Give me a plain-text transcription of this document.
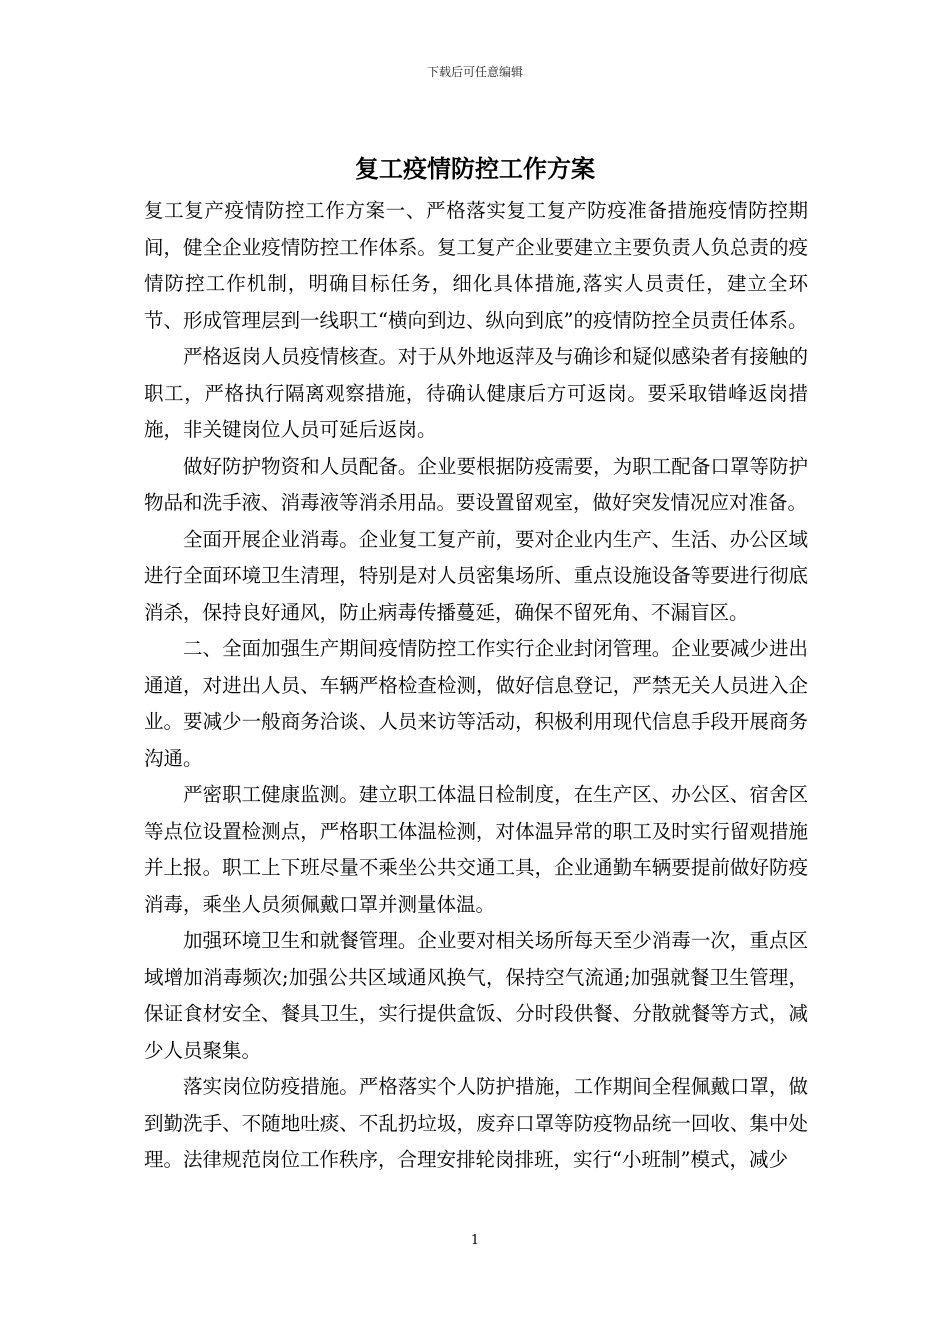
下载后可任意编辑
复工疫情防控工作方案

复工复产疫情防控工作方案一、严格落实复工复产防疫准备措施疫情防控期间，健全企业疫情防控工作体系。复工复产企业要建立主要负责人负总责的疫情防控工作机制，明确目标任务，细化具体措施,落实人员责任，建立全环节、形成管理层到一线职工“横向到边、纵向到底”的疫情防控全员责任体系。

严格返岗人员疫情核查。对于从外地返萍及与确诊和疑似感染者有接触的职工，严格执行隔离观察措施，待确认健康后方可返岗。要采取错峰返岗措施，非关键岗位人员可延后返岗。

做好防护物资和人员配备。企业要根据防疫需要，为职工配备口罩等防护物品和洗手液、消毒液等消杀用品。要设置留观室，做好突发情况应对准备。

全面开展企业消毒。企业复工复产前，要对企业内生产、生活、办公区域进行全面环境卫生清理，特别是对人员密集场所、重点设施设备等要进行彻底消杀，保持良好通风，防止病毒传播蔓延，确保不留死角、不漏盲区。

二、全面加强生产期间疫情防控工作实行企业封闭管理。企业要减少进出通道，对进出人员、车辆严格检查检测，做好信息登记，严禁无关人员进入企业。要减少一般商务洽谈、人员来访等活动，积极利用现代信息手段开展商务沟通。

严密职工健康监测。建立职工体温日检制度，在生产区、办公区、宿舍区等点位设置检测点，严格职工体温检测，对体温异常的职工及时实行留观措施并上报。职工上下班尽量不乘坐公共交通工具，企业通勤车辆要提前做好防疫消毒，乘坐人员须佩戴口罩并测量体温。

加强环境卫生和就餐管理。企业要对相关场所每天至少消毒一次，重点区域增加消毒频次;加强公共区域通风换气，保持空气流通;加强就餐卫生管理，保证食材安全、餐具卫生，实行提供盒饭、分时段供餐、分散就餐等方式，减少人员聚集。

落实岗位防疫措施。严格落实个人防护措施，工作期间全程佩戴口罩，做到勤洗手、不随地吐痰、不乱扔垃圾，废弃口罩等防疫物品统一回收、集中处理。法律规范岗位工作秩序，合理安排轮岗排班，实行“小班制”模式，减少

1
